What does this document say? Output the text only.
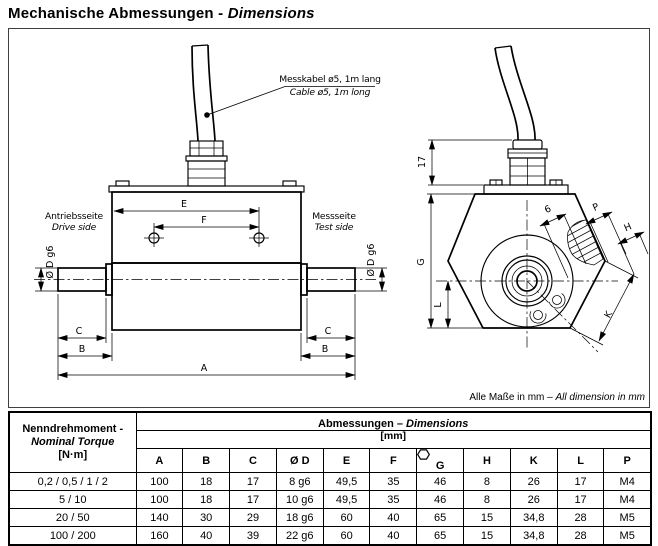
Mechanische Abmessungen - Dimensions
Messkabel ø5, 1m lang
Cable ø5, 1m long
Antriebsseite
Drive side
Messseite
Test side
E
F
Ø D g6	Ø D g6
C
B
C
B
A
17
G
L
K
6	P
H
Alle Maße in mm – All dimension in mm
Nenndrehmoment -
Nominal Torque
[N·m]	Abmessungen – Dimensions										
	[mm]										
	A	B	C	Ø D	E	F	G	H	K	L	P
0,2 / 0,5 / 1 / 2	100	18	17	8 g6	49,5	35	46	8	26	17	M4
5 / 10	100	18	17	10 g6	49,5	35	46	8	26	17	M4
20 / 50	140	30	29	18 g6	60	40	65	15	34,8	28	M5
100 / 200	160	40	39	22 g6	60	40	65	15	34,8	28	M5
